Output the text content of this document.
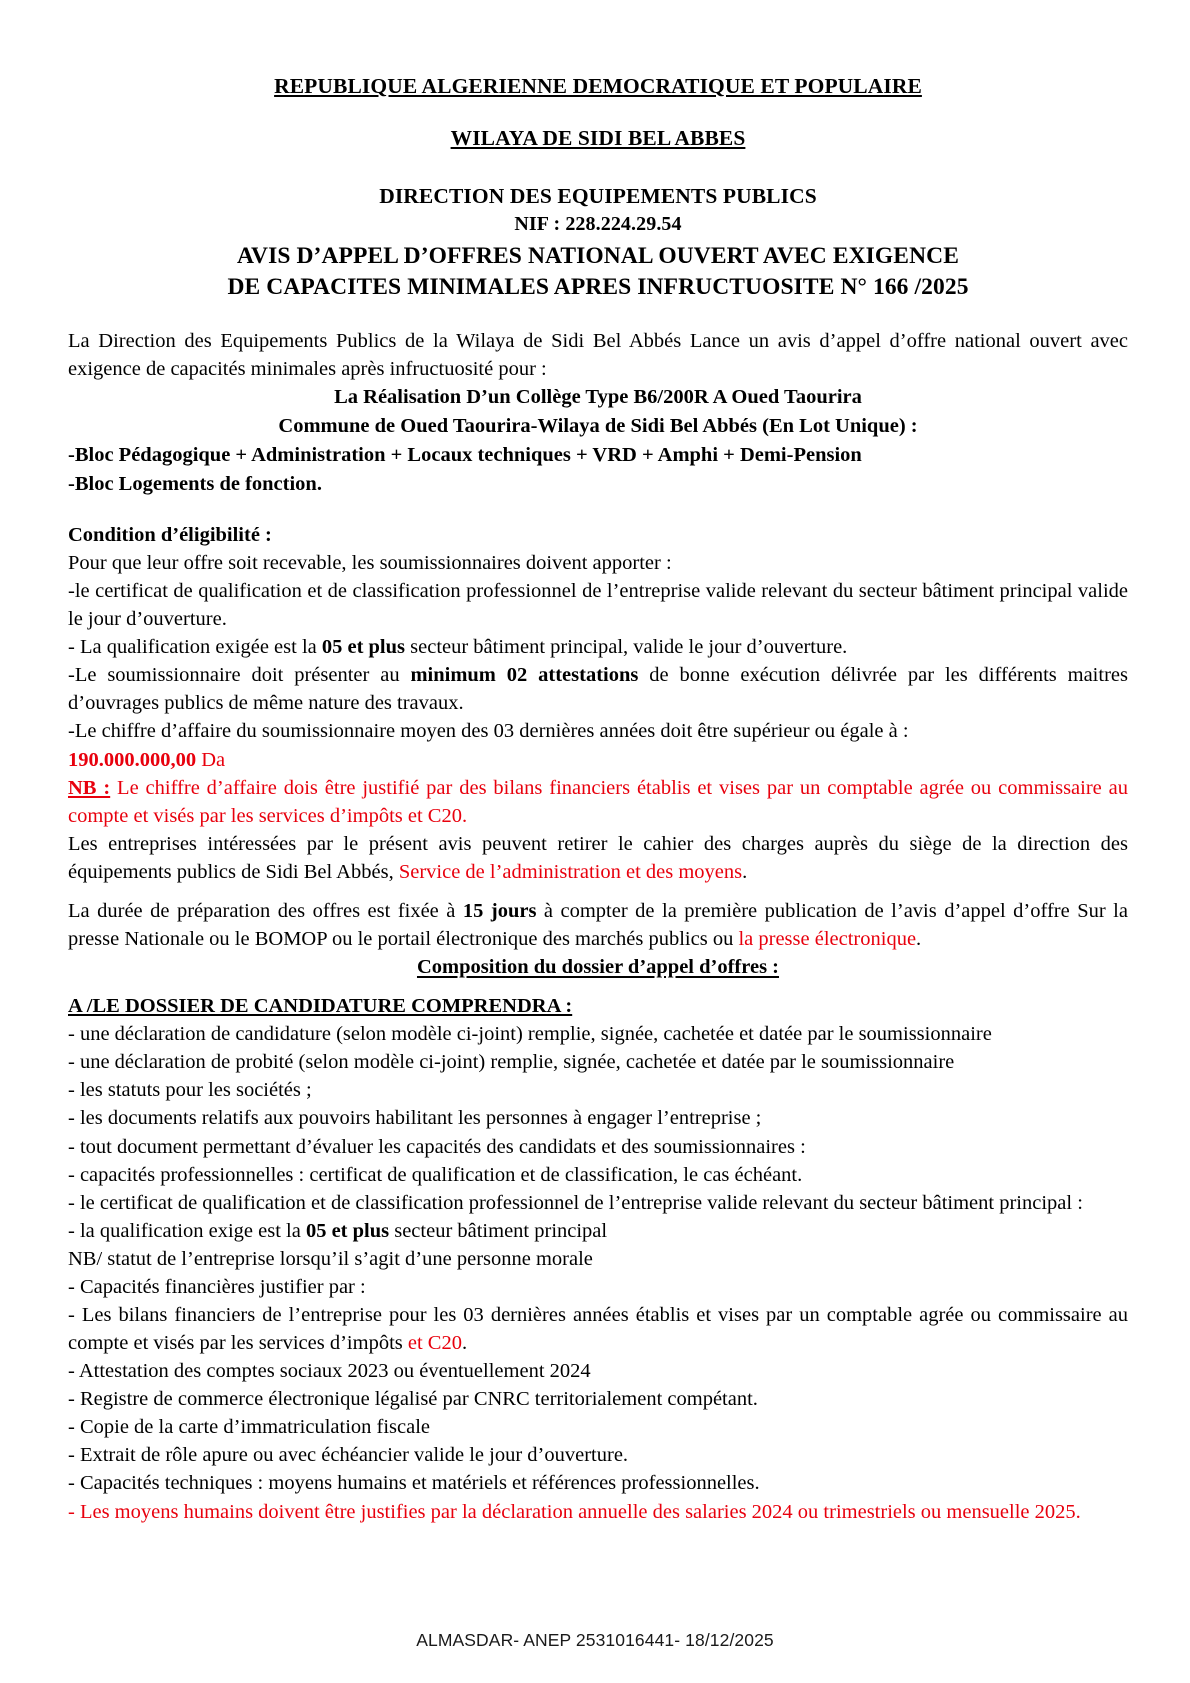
REPUBLIQUE ALGERIENNE DEMOCRATIQUE ET POPULAIRE
WILAYA DE SIDI BEL ABBES
DIRECTION DES EQUIPEMENTS PUBLICS
NIF : 228.224.29.54
AVIS D’APPEL D’OFFRES NATIONAL OUVERT AVEC EXIGENCE
DE CAPACITES MINIMALES APRES INFRUCTUOSITE N° 166 /2025

La Direction des Equipements Publics de la Wilaya de Sidi Bel Abbés Lance un avis d’appel d’offre national ouvert avec exigence de capacités minimales après infructuosité pour :

La Réalisation D’un Collège Type B6/200R A Oued Taourira

Commune de Oued Taourira-Wilaya de Sidi Bel Abbés (En Lot Unique) :

-Bloc Pédagogique + Administration + Locaux techniques + VRD + Amphi + Demi-Pension

-Bloc Logements de fonction.

Condition d’éligibilité :

Pour que leur offre soit recevable, les soumissionnaires doivent apporter :

-le certificat de qualification et de classification professionnel de l’entreprise valide relevant du secteur bâtiment principal valide le jour d’ouverture.

- La qualification exigée est la 05 et plus secteur bâtiment principal, valide le jour d’ouverture.

-Le soumissionnaire doit présenter au minimum 02 attestations de bonne exécution délivrée par les différents maitres d’ouvrages publics de même nature des travaux.

-Le chiffre d’affaire du soumissionnaire moyen des 03 dernières années doit être supérieur ou égale à :

190.000.000,00 Da

NB : Le chiffre d’affaire dois être justifié par des bilans financiers établis et vises par un comptable agrée ou commissaire au compte et visés par les services d’impôts et C20.

Les entreprises intéressées par le présent avis peuvent retirer le cahier des charges auprès du siège de la direction des équipements publics de Sidi Bel Abbés, Service de l’administration et des moyens.

La durée de préparation des offres est fixée à 15 jours à compter de la première publication de l’avis d’appel d’offre Sur la presse Nationale ou le BOMOP ou le portail électronique des marchés publics ou la presse électronique.

Composition du dossier d’appel d’offres :

A /LE DOSSIER DE CANDIDATURE COMPRENDRA :

- une déclaration de candidature (selon modèle ci-joint) remplie, signée, cachetée et datée par le soumissionnaire

- une déclaration de probité (selon modèle ci-joint) remplie, signée, cachetée et datée par le soumissionnaire

- les statuts pour les sociétés ;

- les documents relatifs aux pouvoirs habilitant les personnes à engager l’entreprise ;

- tout document permettant d’évaluer les capacités des candidats et des soumissionnaires :

- capacités professionnelles : certificat de qualification et de classification, le cas échéant.

- le certificat de qualification et de classification professionnel de l’entreprise valide relevant du secteur bâtiment principal :

- la qualification exige est la 05 et plus secteur bâtiment principal

NB/ statut de l’entreprise lorsqu’il s’agit d’une personne morale

- Capacités financières justifier par :

- Les bilans financiers de l’entreprise pour les 03 dernières années établis et vises par un comptable agrée ou commissaire au compte et visés par les services d’impôts et C20.

- Attestation des comptes sociaux 2023 ou éventuellement 2024

- Registre de commerce électronique légalisé par CNRC territorialement compétant.

- Copie de la carte d’immatriculation fiscale

- Extrait de rôle apure ou avec échéancier valide le jour d’ouverture.

- Capacités techniques : moyens humains et matériels et références professionnelles.

- Les moyens humains doivent être justifies par la déclaration annuelle des salaries 2024 ou trimestriels ou mensuelle 2025.

ALMASDAR- ANEP 2531016441- 18/12/2025
